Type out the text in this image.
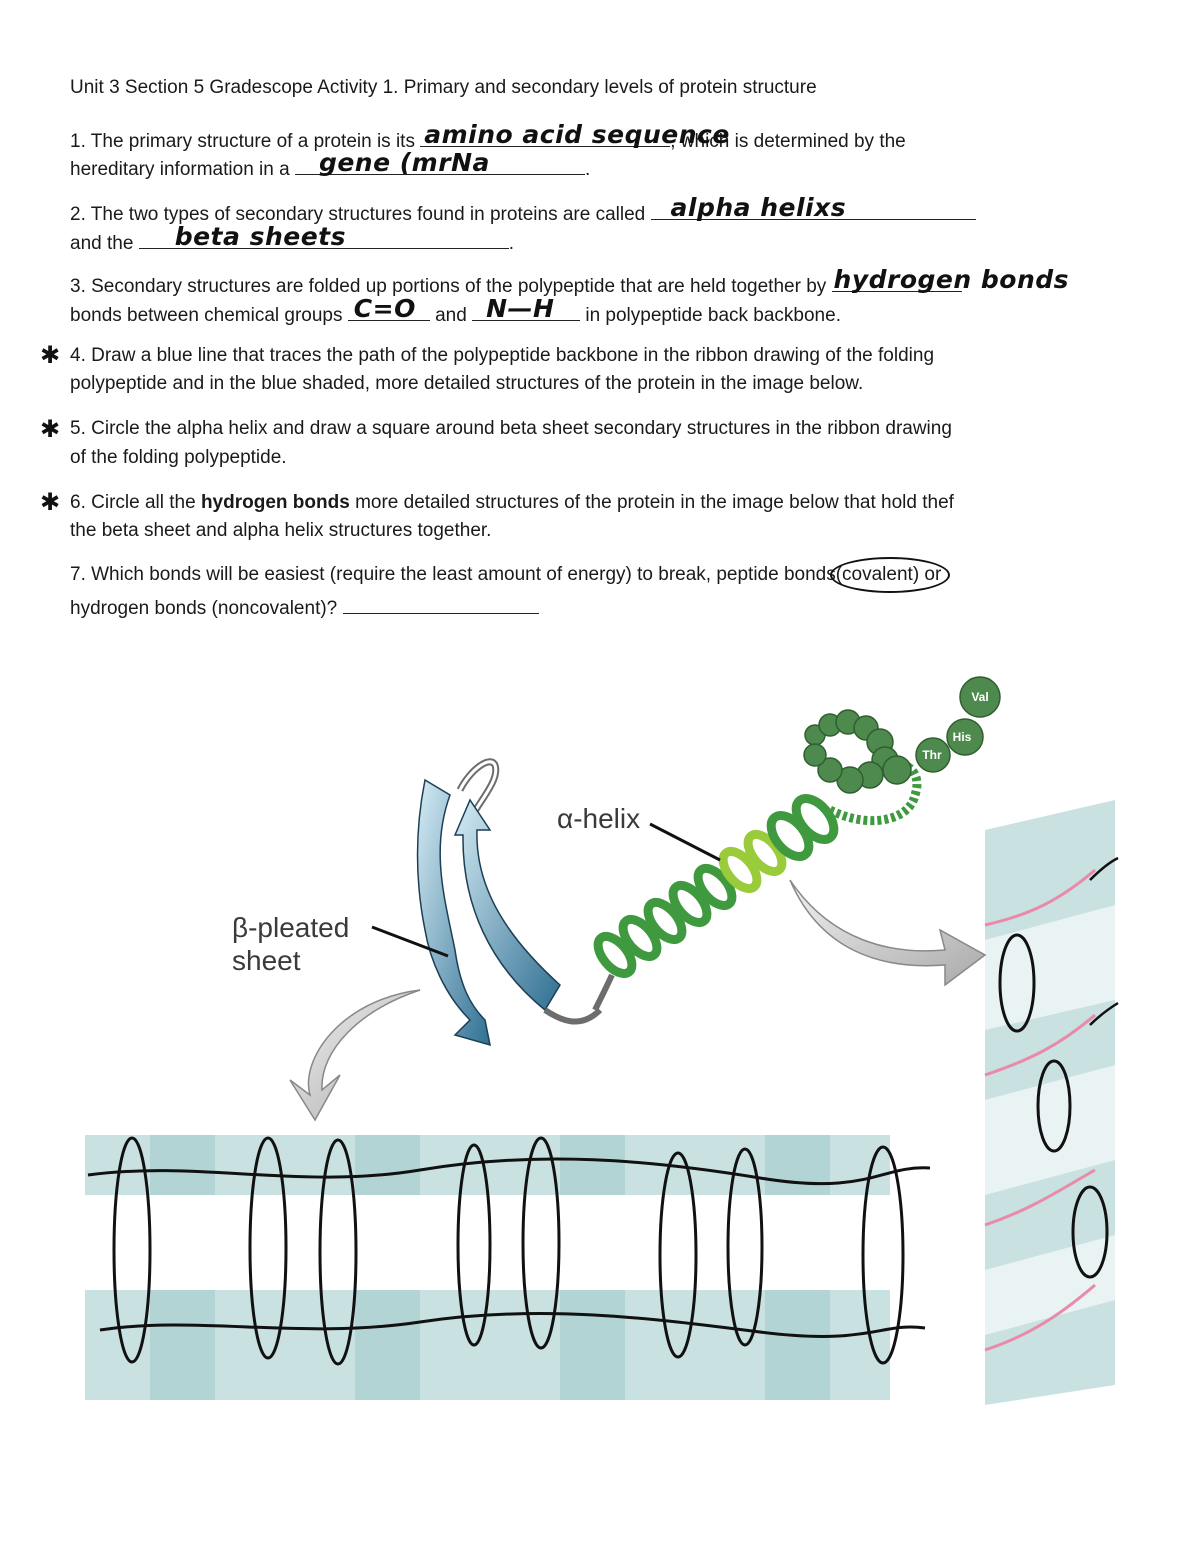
Unit 3 Section 5 Gradescope Activity 1. Primary and secondary levels of protein structure
1. The primary structure of a protein is its amino acid sequence
, which is determined by the
hereditary information in a gene (mrNa	.
2. The two types of secondary structures found in proteins are called alpha helixs
and the beta sheets	.
3. Secondary structures are folded up portions of the polypeptide that are held together by hydrogen bonds
bonds between chemical groups C=O and N—H in polypeptide back backbone.
✱ 4. Draw a blue line that traces the path of the polypeptide backbone in the ribbon drawing of the folding
polypeptide and in the blue shaded, more detailed structures of the protein in the image below.
✱ 5. Circle the alpha helix and draw a square around beta sheet secondary structures in the ribbon drawing
of the folding polypeptide.
✱ 6. Circle all the hydrogen bonds more detailed structures of the protein in the image below that hold thef
the beta sheet and alpha helix structures together.
7. Which bonds will be easiest (require the least amount of energy) to break, peptide bonds(covalent) or
hydrogen bonds (noncovalent)?
Val
His
Thr
α-helix
β-pleated
sheet
